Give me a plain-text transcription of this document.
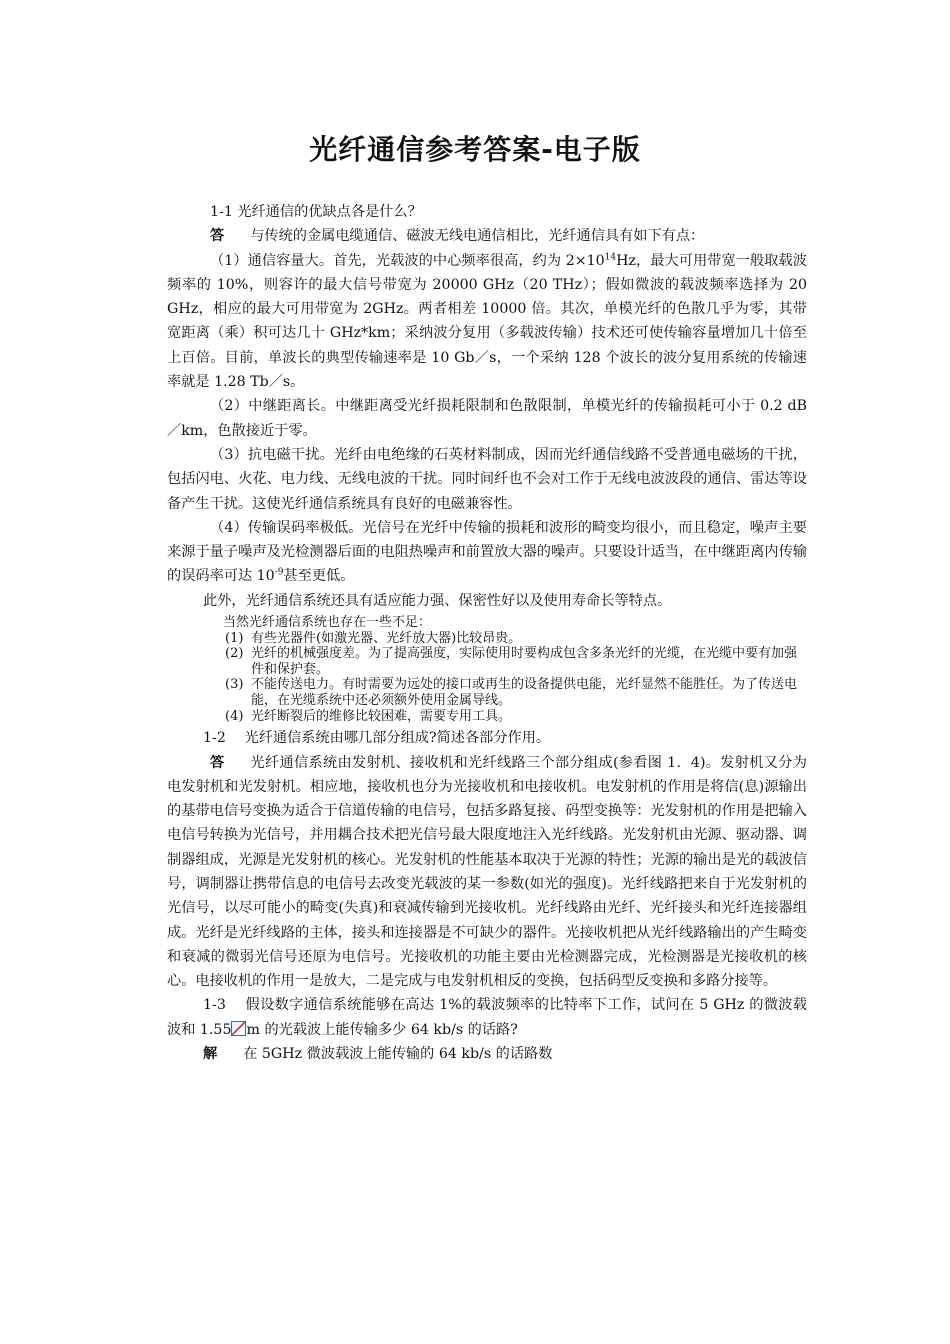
光纤通信参考答案-电子版

1-1 光纤通信的优缺点各是什么？

答 与传统的金属电缆通信、磁波无线电通信相比，光纤通信具有如下有点：

（1）通信容量大。首先，光载波的中心频率很高，约为 $2\times 10^{14}Hz$，最大可用带宽一般取载波频率的 10%，则容许的最大信号带宽为 20000 GHz（20 THz）；假如微波的载波频率选择为 20 GHz，相应的最大可用带宽为 2GHz。两者相差 10000 倍。其次，单模光纤的色散几乎为零，其带宽距离（乘）积可达几十 GHz*km；采纳波分复用（多载波传输）技术还可使传输容量增加几十倍至上百倍。目前，单波长的典型传输速率是 10 Gb／s，一个采纳 128 个波长的波分复用系统的传输速率就是 1.28 Tb／s。

（2）中继距离长。中继距离受光纤损耗限制和色散限制，单模光纤的传输损耗可小于 0.2 dB／km，色散接近于零。

（3）抗电磁干扰。光纤由电绝缘的石英材料制成，因而光纤通信线路不受普通电磁场的干扰，包括闪电、火花、电力线、无线电波的干扰。同时间纤也不会对工作于无线电波波段的通信、雷达等设备产生干扰。这使光纤通信系统具有良好的电磁兼容性。

（4）传输误码率极低。光信号在光纤中传输的损耗和波形的畸变均很小，而且稳定，噪声主要来源于量子噪声及光检测器后面的电阻热噪声和前置放大器的噪声。只要设计适当，在中继距离内传输的误码率可达 $10^{-9}$甚至更低。

此外，光纤通信系统还具有适应能力强、保密性好以及使用寿命长等特点。

当然光纤通信系统也存在一些不足：
(1) 有些光器件(如激光器、光纤放大器)比较昂贵。
(2) 光纤的机械强度差。为了提高强度，实际使用时要构成包含多条光纤的光缆，在光缆中要有加强件和保护套。
(3) 不能传送电力。有时需要为远处的接口或再生的设备提供电能，光纤显然不能胜任。为了传送电能，在光缆系统中还必须额外使用金属导线。
(4) 光纤断裂后的维修比较困难，需要专用工具。

1-2　 光纤通信系统由哪几部分组成?简述各部分作用。

答 光纤通信系统由发射机、接收机和光纤线路三个部分组成(参看图 1．4)。发射机又分为电发射机和光发射机。相应地，接收机也分为光接收机和电接收机。电发射机的作用是将信(息)源输出的基带电信号变换为适合于信道传输的电信号，包括多路复接、码型变换等：光发射机的作用是把输入电信号转换为光信号，并用耦合技术把光信号最大限度地注入光纤线路。光发射机由光源、驱动器、调制器组成，光源是光发射机的核心。光发射机的性能基本取决于光源的特性；光源的输出是光的载波信号，调制器让携带信息的电信号去改变光载波的某一参数(如光的强度)。光纤线路把来自于光发射机的光信号，以尽可能小的畸变(失真)和衰减传输到光接收机。光纤线路由光纤、光纤接头和光纤连接器组成。光纤是光纤线路的主体，接头和连接器是不可缺少的器件。光接收机把从光纤线路输出的产生畸变和衰减的微弱光信号还原为电信号。光接收机的功能主要由光检测器完成，光检测器是光接收机的核心。电接收机的作用一是放大，二是完成与电发射机相反的变换，包括码型反变换和多路分接等。

1-3　 假设数字通信系统能够在高达 1%的载波频率的比特率下工作，试问在 5 GHz 的微波载波和 1.55 m 的光载波上能传输多少 64 kb/s 的话路?

解 在 5GHz 微波载波上能传输的 64 kb/s 的话路数
